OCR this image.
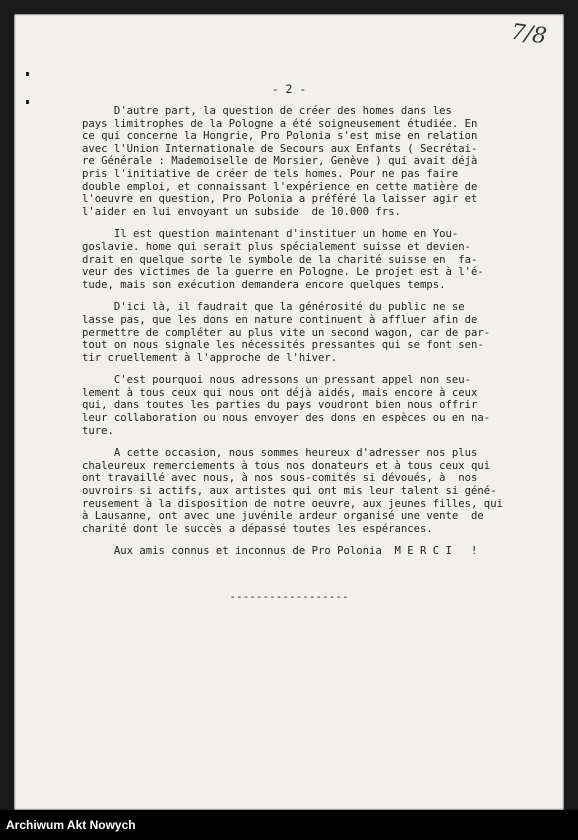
7/8
- 2 -
D'autre part, la question de créer des homes dans les
pays limitrophes de la Pologne a été soigneusement étudiée. En
ce qui concerne la Hongrie, Pro Polonia s'est mise en relation
avec l'Union Internationale de Secours aux Enfants ( Secrétai-
re Générale : Mademoiselle de Morsier, Genève ) qui avait déjà
pris l'initiative de créer de tels homes. Pour ne pas faire
double emploi, et connaissant l'expérience en cette matière de
l'oeuvre en question, Pro Polonia a préféré la laisser agir et
l'aider en lui envoyant un subside  de 10.000 frs.
Il est question maintenant d'instituer un home en You-
goslavie. home qui serait plus spécialement suisse et devien-
drait en quelque sorte le symbole de la charité suisse en  fa-
veur des victimes de la guerre en Pologne. Le projet est à l'é-
tude, mais son exécution demandera encore quelques temps.
D'ici là, il faudrait que la générosité du public ne se
lasse pas, que les dons en nature continuent à affluer afin de
permettre de compléter au plus vite un second wagon, car de par-
tout on nous signale les nécessités pressantes qui se font sen-
tir cruellement à l'approche de l'hiver.
C'est pourquoi nous adressons un pressant appel non seu-
lement à tous ceux qui nous ont déjà aidés, mais encore à ceux
qui, dans toutes les parties du pays voudront bien nous offrir
leur collaboration ou nous envoyer des dons en espèces ou en na-
ture.
A cette occasion, nous sommes heureux d'adresser nos plus
chaleureux remerciements à tous nos donateurs et à tous ceux qui
ont travaillé avec nous, à nos sous-comités si dévoués, à  nos
ouvroirs si actifs, aux artistes qui ont mis leur talent si géné-
reusement à la disposition de notre oeuvre, aux jeunes filles, qui
à Lausanne, ont avec une juvénile ardeur organisé une vente  de
charité dont le succès a dépassé toutes les espérances.
Aux amis connus et inconnus de Pro Polonia  M E R C I   !
------------------
Archiwum Akt Nowych
